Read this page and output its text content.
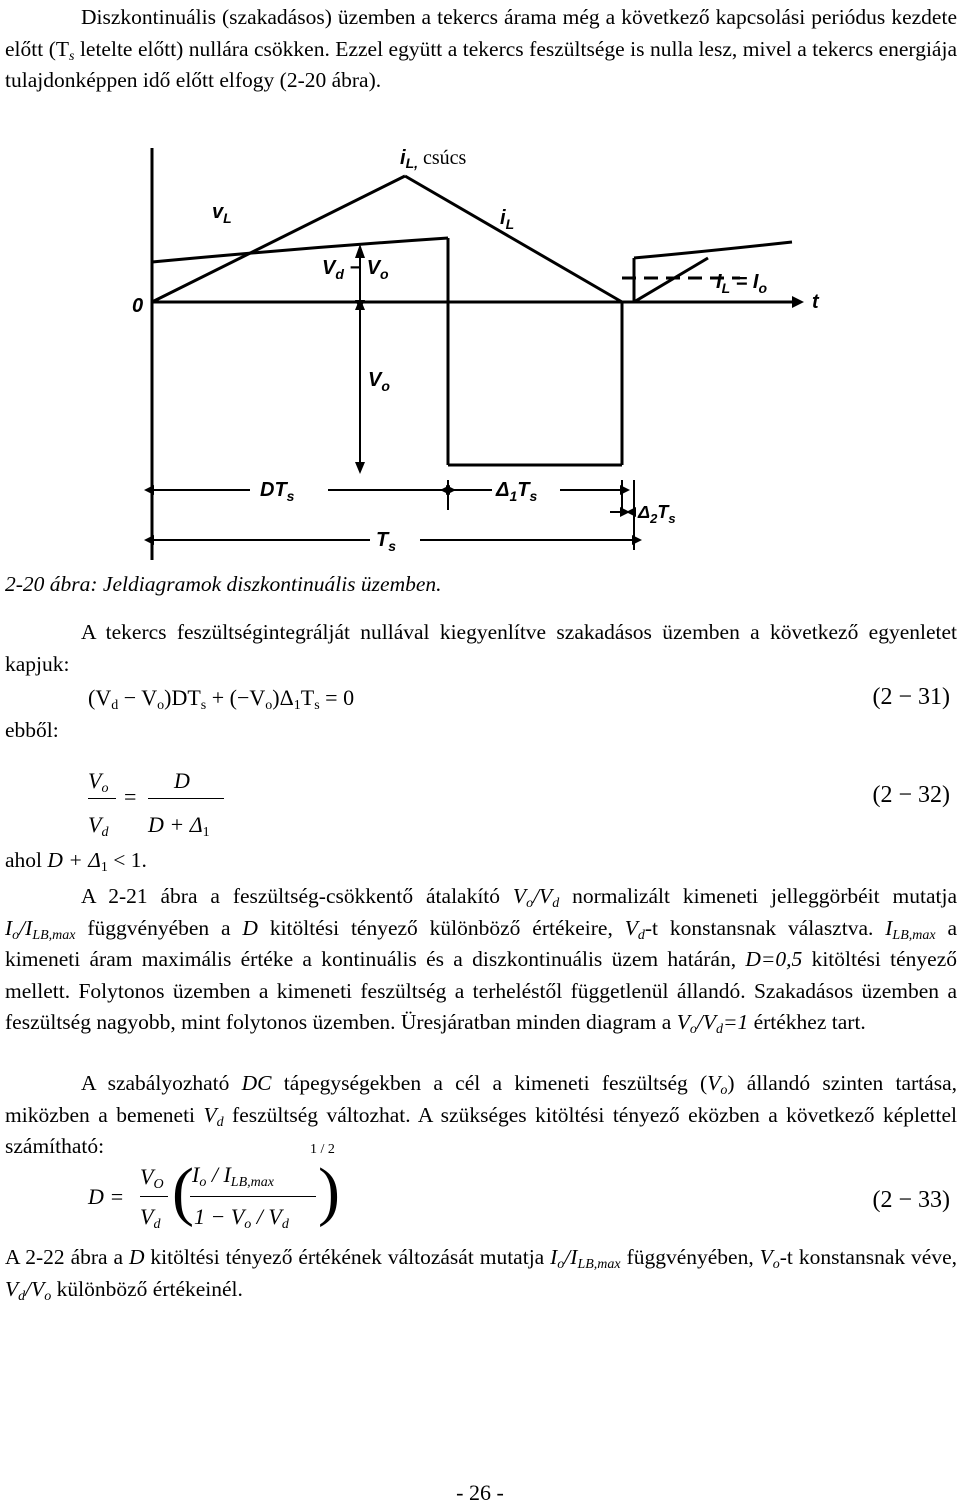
Diszkontinuális (szakadásos) üzemben a tekercs árama még a következő kapcsolási periódus kezdete előtt ($T_s$ letelte előtt) nullára csökken. Ezzel együtt a tekercs feszültsége is nulla lesz, mivel a tekercs energiája tulajdonképpen idő előtt elfogy (2-20 ábra).

$i_{L,}$ csúcs
$v_L$	$i_L$
$V_d - V_o$
0
$I_L = I_o$
t
$V_o$
$DT_s$	$\Delta_1T_s$
$\Delta_2T_s$
$T_s$

2-20 ábra: Jeldiagramok diszkontinuális üzemben.

A tekercs feszültségintegrálját nullával kiegyenlítve szakadásos üzemben a következő egyenletet kapjuk:

$(V_d - V_o)DT_s + (-V_o)\Delta_1T_s = 0$	(2 − 31)
ebből:
$V_o$
$V_d$
=
D
$D + \Delta_1$
(2 − 32)
ahol $D + \Delta_1 < 1$.

A 2-21 ábra a feszültség-csökkentő átalakító $V_o/V_d$ normalizált kimeneti jelleggörbéit mutatja $I_o/I_{LB,max}$ függvényében a D kitöltési tényező különböző értékeire, $V_d-t$ konstansnak választva. $I_{LB,max}$ a kimeneti áram maximális értéke a kontinuális és a diszkontinuális üzem határán, D=0,5 kitöltési tényező mellett. Folytonos üzemben a kimeneti feszültség a terheléstől függetlenül állandó. Szakadásos üzemben a feszültség nagyobb, mint folytonos üzemben. Üresjáratban minden diagram a $V_o/V_d=1$ értékhez tart.

A szabályozható DC tápegységekben a cél a kimeneti feszültség $(V_o)$ állandó szinten tartása, miközben a bemeneti $V_d$ feszültség változhat. A szükséges kitöltési tényező eközben a következő képlettel számítható:

D =
$V_O$
$V_d$ (
$I_o / I_{LB,max}$
$1 - V_o / V_d$ )
1 / 2
(2 − 33)

A 2-22 ábra a D kitöltési tényező értékének változását mutatja $I_o/I_{LB,max}$ függvényében, $V_o-t$ konstansnak véve, $V_d/V_o$ különböző értékeinél.

- 26 -
